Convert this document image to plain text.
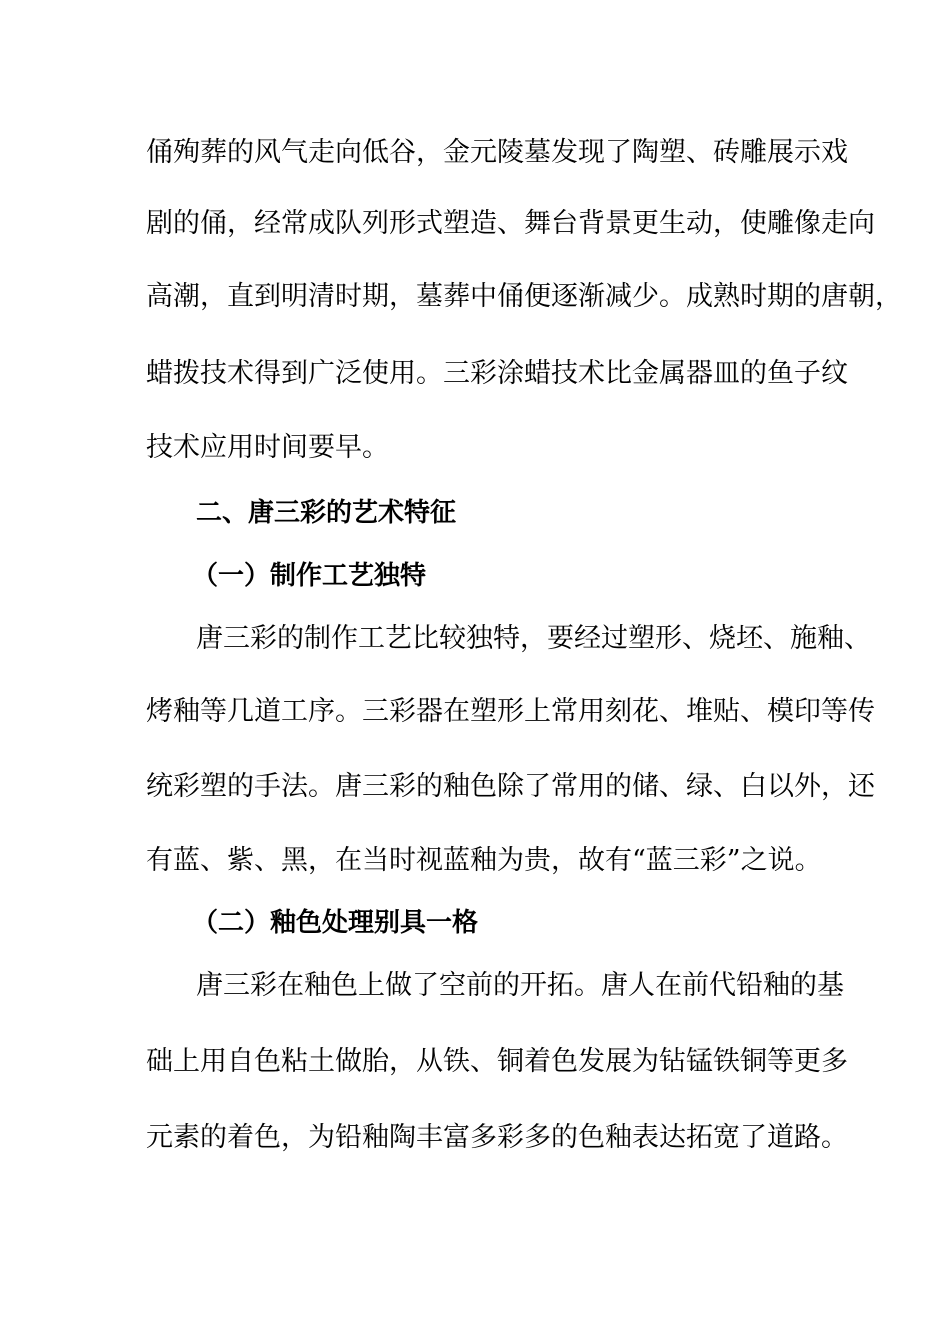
俑殉葬的风气走向低谷，金元陵墓发现了陶塑、砖雕展示戏
剧的俑，经常成队列形式塑造、舞台背景更生动，使雕像走向
高潮，直到明清时期，墓葬中俑便逐渐减少。成熟时期的唐朝，
蜡拨技术得到广泛使用。三彩涂蜡技术比金属器皿的鱼子纹
技术应用时间要早。
二、唐三彩的艺术特征
（一）制作工艺独特
唐三彩的制作工艺比较独特，要经过塑形、烧坯、施釉、
烤釉等几道工序。三彩器在塑形上常用刻花、堆贴、模印等传
统彩塑的手法。唐三彩的釉色除了常用的储、绿、白以外，还
有蓝、紫、黑，在当时视蓝釉为贵，故有“蓝三彩”之说。
（二）釉色处理别具一格
唐三彩在釉色上做了空前的开拓。唐人在前代铅釉的基
础上用自色粘土做胎，从铁、铜着色发展为钻锰铁铜等更多
元素的着色，为铅釉陶丰富多彩多的色釉表达拓宽了道路。
